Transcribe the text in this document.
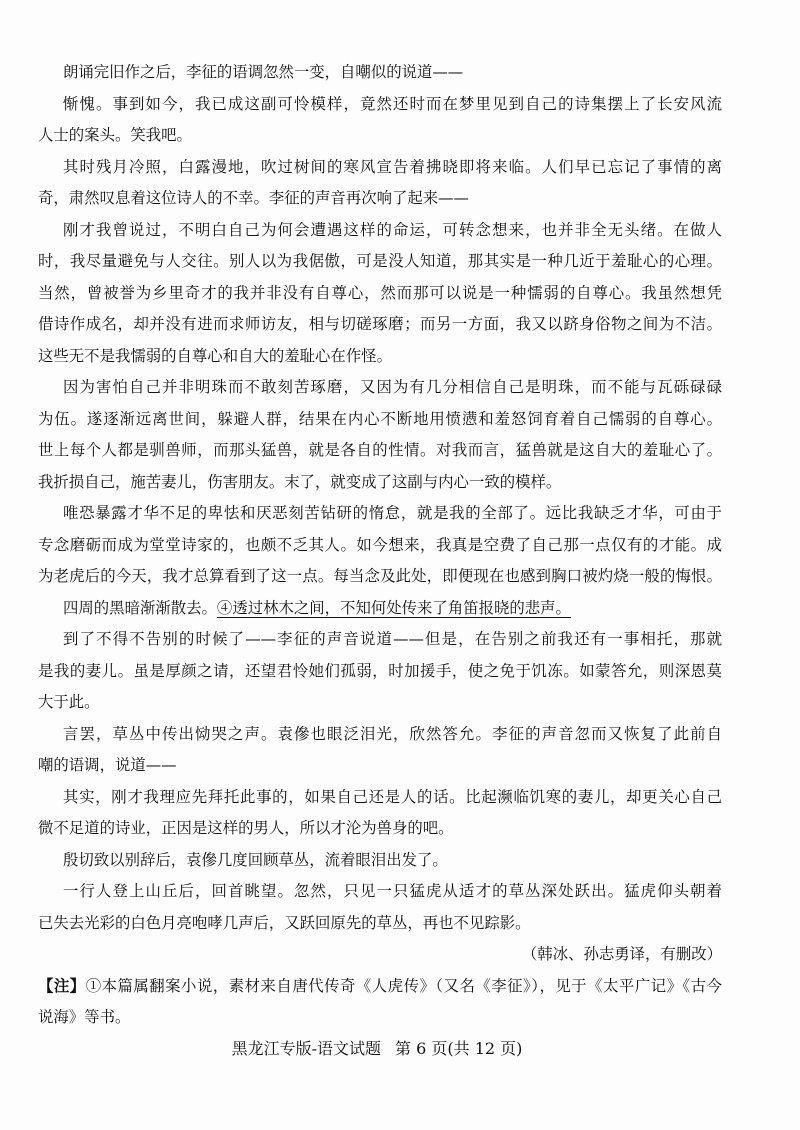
朗诵完旧作之后，李征的语调忽然一变，自嘲似的说道——
惭愧。事到如今，我已成这副可怜模样，竟然还时而在梦里见到自己的诗集摆上了长安风流
人士的案头。笑我吧。
其时残月冷照，白露漫地，吹过树间的寒风宣告着拂晓即将来临。人们早已忘记了事情的离
奇，肃然叹息着这位诗人的不幸。李征的声音再次响了起来——
刚才我曾说过，不明白自己为何会遭遇这样的命运，可转念想来，也并非全无头绪。在做人
时，我尽量避免与人交往。别人以为我倨傲，可是没人知道，那其实是一种几近于羞耻心的心理。
当然，曾被誉为乡里奇才的我并非没有自尊心，然而那可以说是一种懦弱的自尊心。我虽然想凭
借诗作成名，却并没有进而求师访友，相与切磋琢磨；而另一方面，我又以跻身俗物之间为不洁。
这些无不是我懦弱的自尊心和自大的羞耻心在作怪。
因为害怕自己并非明珠而不敢刻苦琢磨，又因为有几分相信自己是明珠，而不能与瓦砾碌碌
为伍。遂逐渐远离世间，躲避人群，结果在内心不断地用愤懑和羞怒饲育着自己懦弱的自尊心。
世上每个人都是驯兽师，而那头猛兽，就是各自的性情。对我而言，猛兽就是这自大的羞耻心了。
我折损自己，施苦妻儿，伤害朋友。末了，就变成了这副与内心一致的模样。
唯恐暴露才华不足的卑怯和厌恶刻苦钻研的惰怠，就是我的全部了。远比我缺乏才华，可由于
专念磨砺而成为堂堂诗家的，也颇不乏其人。如今想来，我真是空费了自己那一点仅有的才能。成
为老虎后的今天，我才总算看到了这一点。每当念及此处，即便现在也感到胸口被灼烧一般的悔恨。
四周的黑暗渐渐散去。④透过林木之间，不知何处传来了角笛报晓的悲声。
到了不得不告别的时候了——李征的声音说道——但是，在告别之前我还有一事相托，那就
是我的妻儿。虽是厚颜之请，还望君怜她们孤弱，时加援手，使之免于饥冻。如蒙答允，则深恩莫
大于此。
言罢，草丛中传出恸哭之声。袁傪也眼泛泪光，欣然答允。李征的声音忽而又恢复了此前自
嘲的语调，说道——
其实，刚才我理应先拜托此事的，如果自己还是人的话。比起濒临饥寒的妻儿，却更关心自己
微不足道的诗业，正因是这样的男人，所以才沦为兽身的吧。
殷切致以别辞后，袁傪几度回顾草丛，流着眼泪出发了。
一行人登上山丘后，回首眺望。忽然，只见一只猛虎从适才的草丛深处跃出。猛虎仰头朝着
已失去光彩的白色月亮咆哮几声后，又跃回原先的草丛，再也不见踪影。
（韩冰、孙志勇译，有删改）
【注】①本篇属翻案小说，素材来自唐代传奇《人虎传》（又名《李征》），见于《太平广记》《古今
说海》等书。
黑龙江专版-语文试题 第 6 页(共 12 页)
